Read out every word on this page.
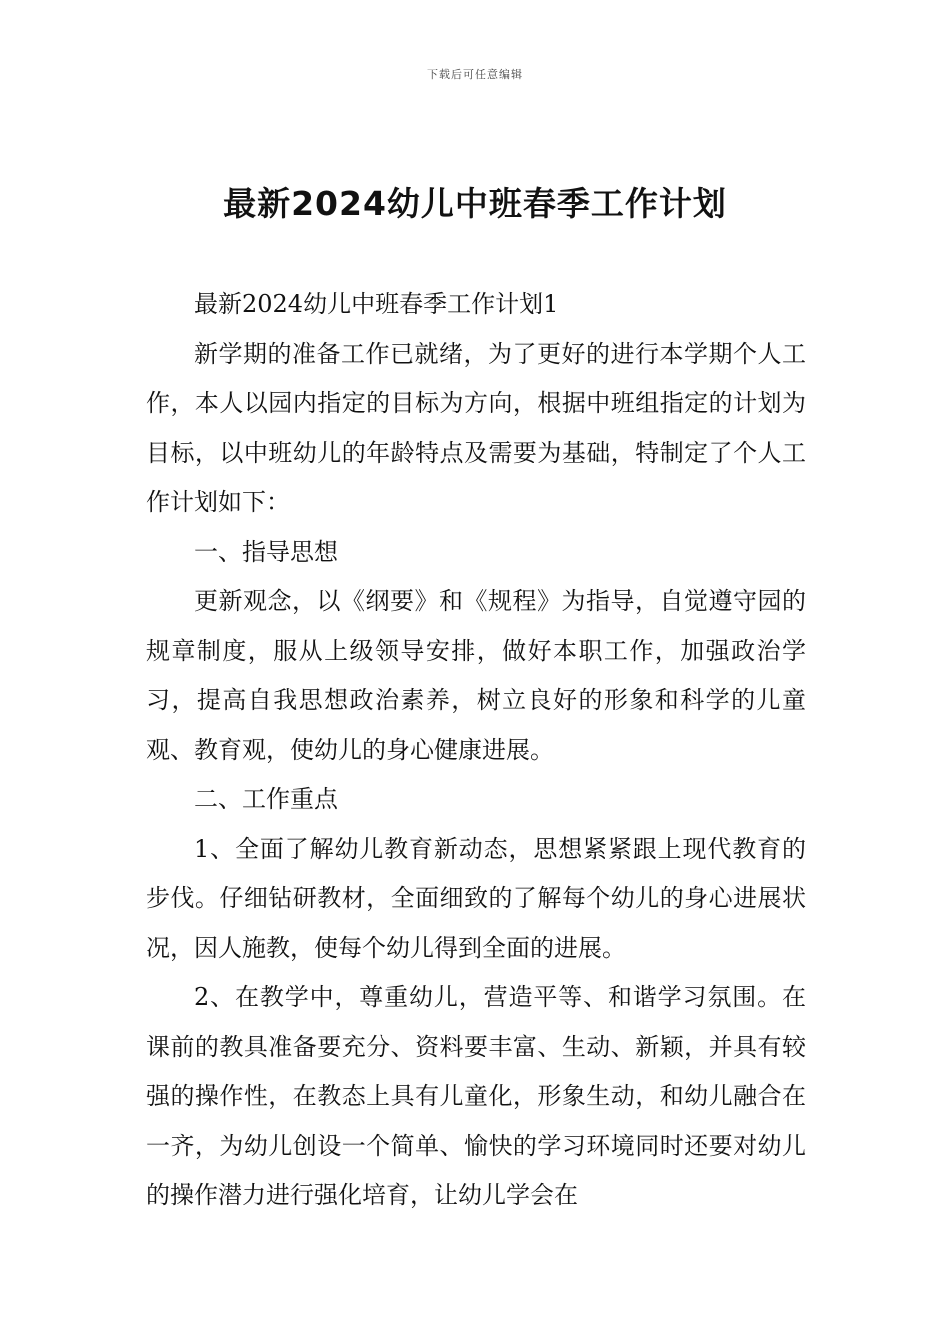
下载后可任意编辑
最新2024幼儿中班春季工作计划

最新2024幼儿中班春季工作计划1

新学期的准备工作已就绪，为了更好的进行本学期个人工作，本人以园内指定的目标为方向，根据中班组指定的计划为目标，以中班幼儿的年龄特点及需要为基础，特制定了个人工作计划如下：

一、指导思想

更新观念，以《纲要》和《规程》为指导，自觉遵守园的规章制度，服从上级领导安排，做好本职工作，加强政治学习，提高自我思想政治素养，树立良好的形象和科学的儿童观、教育观，使幼儿的身心健康进展。

二、工作重点

1、全面了解幼儿教育新动态，思想紧紧跟上现代教育的步伐。仔细钻研教材，全面细致的了解每个幼儿的身心进展状况，因人施教，使每个幼儿得到全面的进展。

2、在教学中，尊重幼儿，营造平等、和谐学习氛围。在课前的教具准备要充分、资料要丰富、生动、新颖，并具有较强的操作性，在教态上具有儿童化，形象生动，和幼儿融合在一齐，为幼儿创设一个简单、愉快的学习环境同时还要对幼儿的操作潜力进行强化培育，让幼儿学会在
